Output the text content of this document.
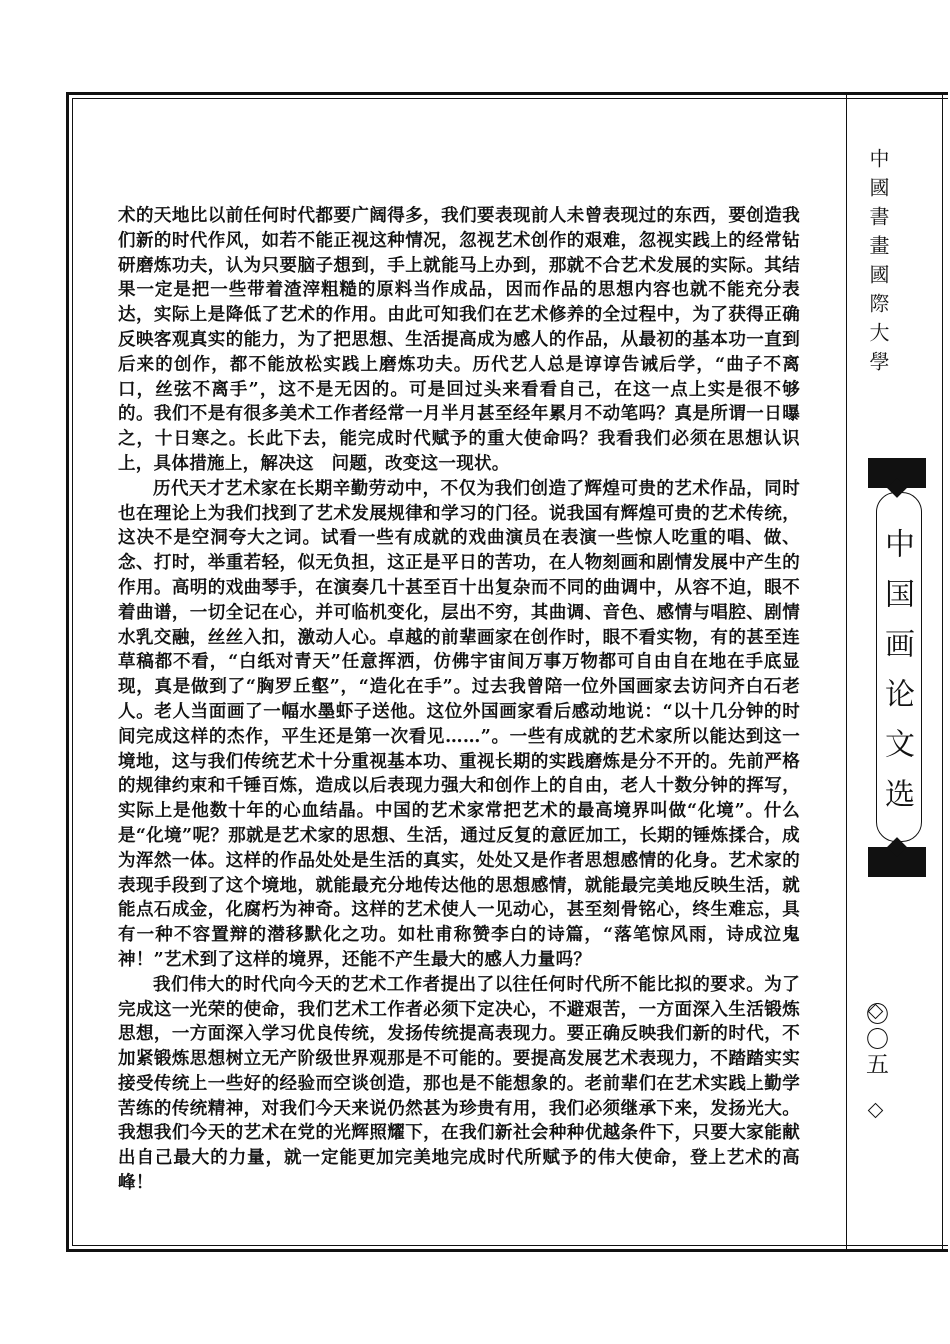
术的天地比以前任何时代都要广阔得多，我们要表现前人未曾表现过的东西，要创造我们新的时代作风，如若不能正视这种情况，忽视艺术创作的艰难，忽视实践上的经常钻研磨炼功夫，认为只要脑子想到，手上就能马上办到，那就不合艺术发展的实际。其结果一定是把一些带着渣滓粗糙的原料当作成品，因而作品的思想内容也就不能充分表达，实际上是降低了艺术的作用。由此可知我们在艺术修养的全过程中，为了获得正确反映客观真实的能力，为了把思想、生活提高成为感人的作品，从最初的基本功一直到后来的创作，都不能放松实践上磨炼功夫。历代艺人总是谆谆告诫后学，“曲子不离口，丝弦不离手”，这不是无因的。可是回过头来看看自己，在这一点上实是很不够的。我们不是有很多美术工作者经常一月半月甚至经年累月不动笔吗？真是所谓一日曝之，十日寒之。长此下去，能完成时代赋予的重大使命吗？我看我们必须在思想认识上，具体措施上，解决这　问题，改变这一现状。

历代天才艺术家在长期辛勤劳动中，不仅为我们创造了辉煌可贵的艺术作品，同时也在理论上为我们找到了艺术发展规律和学习的门径。说我国有辉煌可贵的艺术传统，这决不是空洞夸大之词。试看一些有成就的戏曲演员在表演一些惊人吃重的唱、做、念、打时，举重若轻，似无负担，这正是平日的苦功，在人物刻画和剧情发展中产生的作用。高明的戏曲琴手，在演奏几十甚至百十出复杂而不同的曲调中，从容不迫，眼不着曲谱，一切全记在心，并可临机变化，层出不穷，其曲调、音色、感情与唱腔、剧情水乳交融，丝丝入扣，激动人心。卓越的前辈画家在创作时，眼不看实物，有的甚至连草稿都不看，“白纸对青天”任意挥洒，仿佛宇宙间万事万物都可自由自在地在手底显现，真是做到了“胸罗丘壑”，“造化在手”。过去我曾陪一位外国画家去访问齐白石老人。老人当面画了一幅水墨虾子送他。这位外国画家看后感动地说：“以十几分钟的时间完成这样的杰作，平生还是第一次看见……”。一些有成就的艺术家所以能达到这一境地，这与我们传统艺术十分重视基本功、重视长期的实践磨炼是分不开的。先前严格的规律约束和千锤百炼，造成以后表现力强大和创作上的自由，老人十数分钟的挥写，实际上是他数十年的心血结晶。中国的艺术家常把艺术的最高境界叫做“化境”。什么是“化境”呢？那就是艺术家的思想、生活，通过反复的意匠加工，长期的锤炼揉合，成为浑然一体。这样的作品处处是生活的真实，处处又是作者思想感情的化身。艺术家的表现手段到了这个境地，就能最充分地传达他的思想感情，就能最完美地反映生活，就能点石成金，化腐朽为神奇。这样的艺术使人一见动心，甚至刻骨铭心，终生难忘，具有一种不容置辩的潜移默化之功。如杜甫称赞李白的诗篇，“落笔惊风雨，诗成泣鬼神！”艺术到了这样的境界，还能不产生最大的感人力量吗？

我们伟大的时代向今天的艺术工作者提出了以往任何时代所不能比拟的要求。为了完成这一光荣的使命，我们艺术工作者必须下定决心，不避艰苦，一方面深入生活锻炼思想，一方面深入学习优良传统，发扬传统提高表现力。要正确反映我们新的时代，不加紧锻炼思想树立无产阶级世界观那是不可能的。要提高发展艺术表现力，不踏踏实实接受传统上一些好的经验而空谈创造，那也是不能想象的。老前辈们在艺术实践上勤学苦练的传统精神，对我们今天来说仍然甚为珍贵有用，我们必须继承下来，发扬光大。我想我们今天的艺术在党的光辉照耀下，在我们新社会种种优越条件下，只要大家能献出自己最大的力量，就一定能更加完美地完成时代所赋予的伟大使命，登上艺术的高峰！

中國書畫國際大學
中国画论文选
〇〇五
